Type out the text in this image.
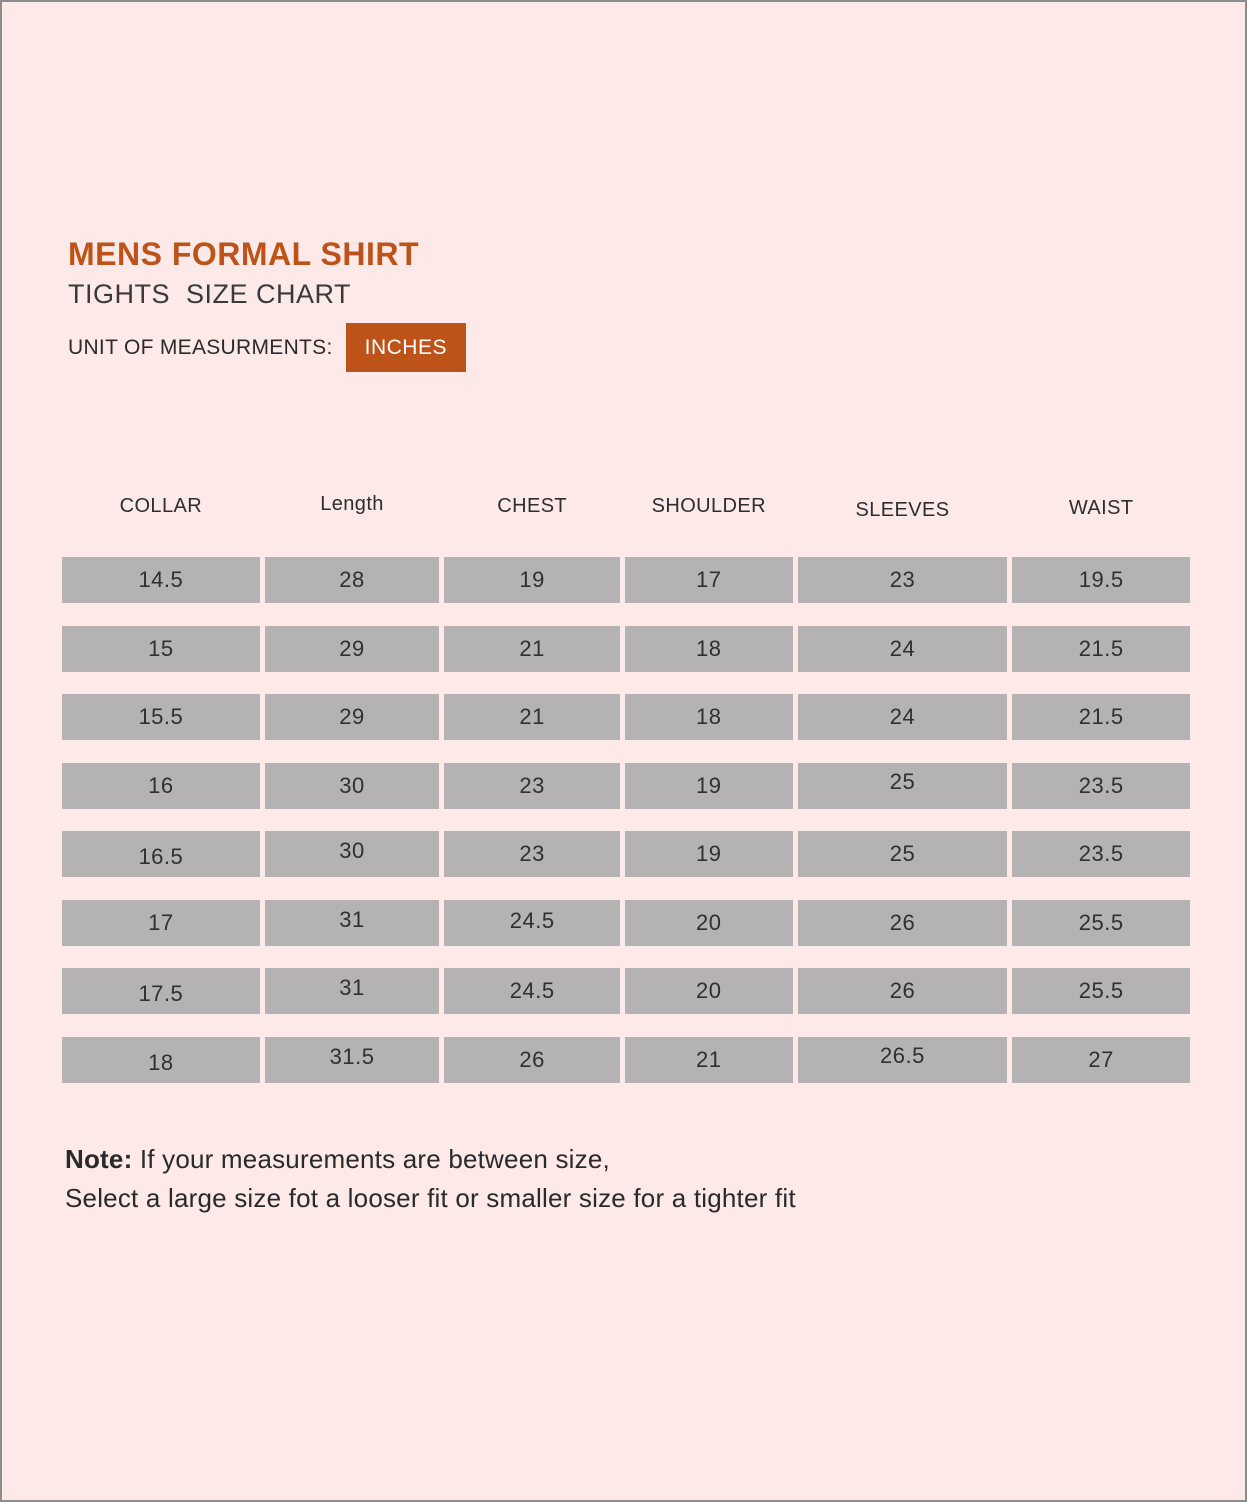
MENS FORMAL SHIRT
TIGHTS  SIZE CHART
UNIT OF MEASURMENTS:	INCHES
COLLAR	Length	CHEST	SHOULDER	SLEEVES	WAIST
14.5	28	19	17	23	19.5
15	29	21	18	24	21.5
15.5	29	21	18	24	21.5
16	30	23	19	25	23.5
16.5	30	23	19	25	23.5
17	31	24.5	20	26	25.5
17.5	31	24.5	20	26	25.5
18	31.5	26	21	26.5	27

Note: If your measurements are between size,
Select a large size fot a looser fit or smaller size for a tighter fit
